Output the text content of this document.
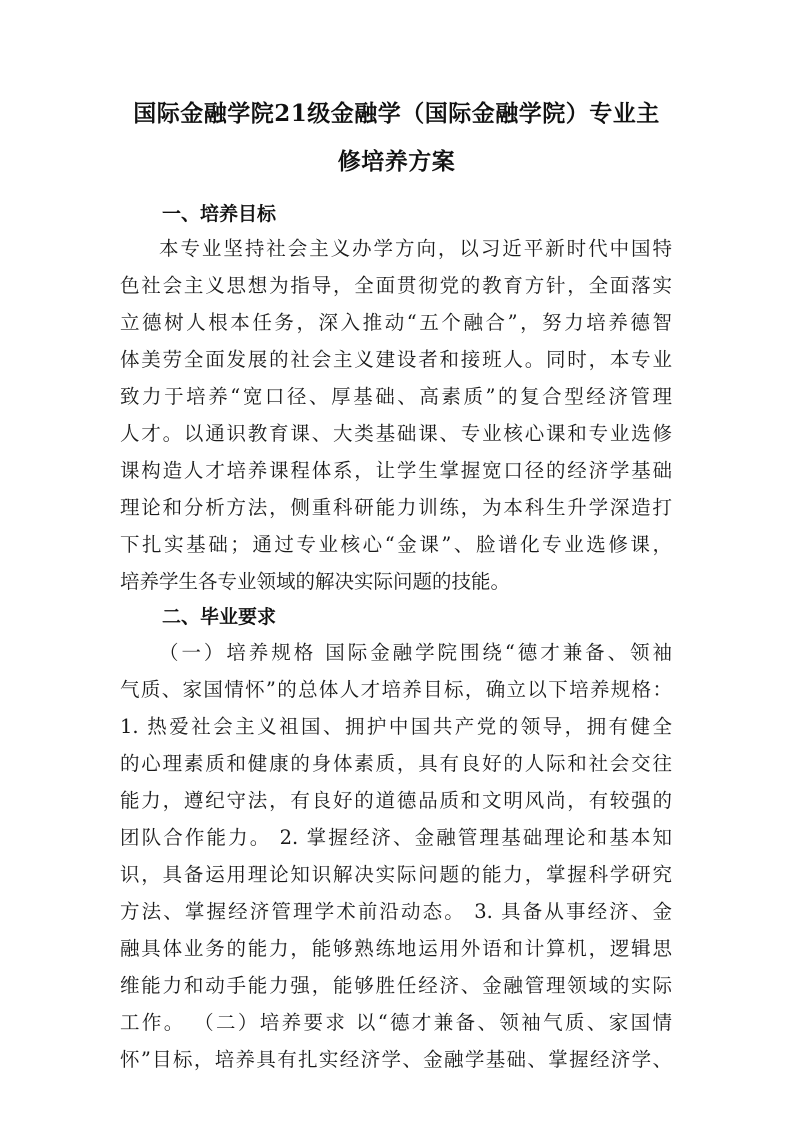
国际金融学院21级金融学（国际金融学院）专业主
修培养方案
一、培养目标
本专业坚持社会主义办学方向，以习近平新时代中国特
色社会主义思想为指导，全面贯彻党的教育方针，全面落实
立德树人根本任务，深入推动“五个融合”，努力培养德智
体美劳全面发展的社会主义建设者和接班人。同时，本专业
致力于培养“宽口径、厚基础、高素质”的复合型经济管理
人才。以通识教育课、大类基础课、专业核心课和专业选修
课构造人才培养课程体系，让学生掌握宽口径的经济学基础
理论和分析方法，侧重科研能力训练，为本科生升学深造打
下扎实基础；通过专业核心“金课”、脸谱化专业选修课，
培养学生各专业领域的解决实际问题的技能。
二、毕业要求
（一）培养规格 国际金融学院围绕“德才兼备、领袖
气质、家国情怀”的总体人才培养目标，确立以下培养规格：
1. 热爱社会主义祖国、拥护中国共产党的领导，拥有健全
的心理素质和健康的身体素质，具有良好的人际和社会交往
能力，遵纪守法，有良好的道德品质和文明风尚，有较强的
团队合作能力。 2. 掌握经济、金融管理基础理论和基本知
识，具备运用理论知识解决实际问题的能力，掌握科学研究
方法、掌握经济管理学术前沿动态。 3. 具备从事经济、金
融具体业务的能力，能够熟练地运用外语和计算机，逻辑思
维能力和动手能力强，能够胜任经济、金融管理领域的实际
工作。 （二）培养要求 以“德才兼备、领袖气质、家国情
怀”目标，培养具有扎实经济学、金融学基础、掌握经济学、
